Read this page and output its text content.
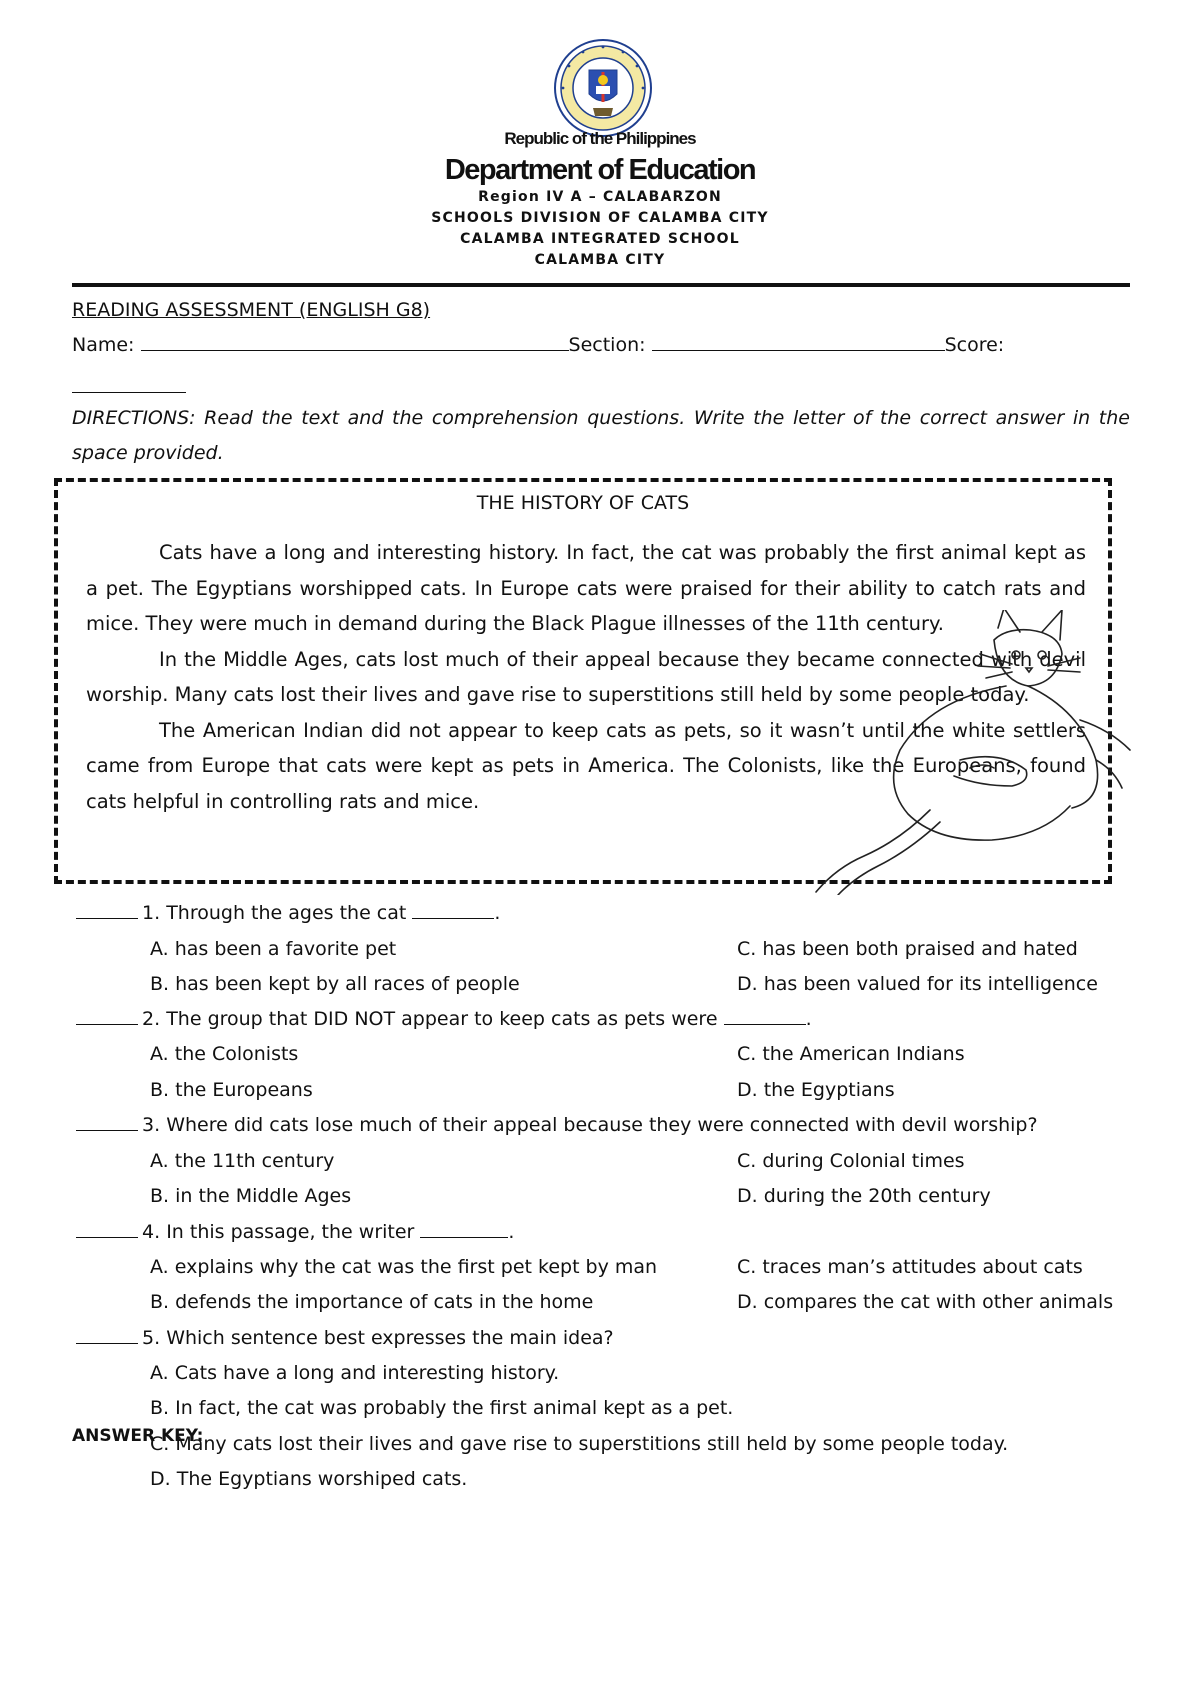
Republic of the Philippines
Department of Education
Region IV A – CALABARZON
SCHOOLS DIVISION OF CALAMBA CITY
CALAMBA INTEGRATED SCHOOL
CALAMBA CITY
READING ASSESSMENT (ENGLISH G8)
Name:	Section:	Score:
DIRECTIONS: Read the text and the comprehension questions. Write the letter of the correct answer in the space provided.
THE HISTORY OF CATS

Cats have a long and interesting history. In fact, the cat was probably the first animal kept as a pet. The Egyptians worshipped cats. In Europe cats were praised for their ability to catch rats and mice. They were much in demand during the Black Plague illnesses of the 11th century.

In the Middle Ages, cats lost much of their appeal because they became connected with devil worship. Many cats lost their lives and gave rise to superstitions still held by some people today.

The American Indian did not appear to keep cats as pets, so it wasn’t until the white settlers came from Europe that cats were kept as pets in America. The Colonists, like the Europeans, found cats helpful in controlling rats and mice.

1. Through the ages the cat	.
A. has been a favorite pet	C. has been both praised and hated
B. has been kept by all races of people	D. has been valued for its intelligence
2. The group that DID NOT appear to keep cats as pets were	.
A. the Colonists	C. the American Indians
B. the Europeans	D. the Egyptians
3. Where did cats lose much of their appeal because they were connected with devil worship?
A. the 11th century	C. during Colonial times
B. in the Middle Ages	D. during the 20th century
4. In this passage, the writer	.
A. explains why the cat was the first pet kept by man	C. traces man’s attitudes about cats
B. defends the importance of cats in the home	D. compares the cat with other animals
5. Which sentence best expresses the main idea?
A. Cats have a long and interesting history.
B. In fact, the cat was probably the first animal kept as a pet.
C. Many cats lost their lives and gave rise to superstitions still held by some people today.
D. The Egyptians worshiped cats.
ANSWER KEY:
